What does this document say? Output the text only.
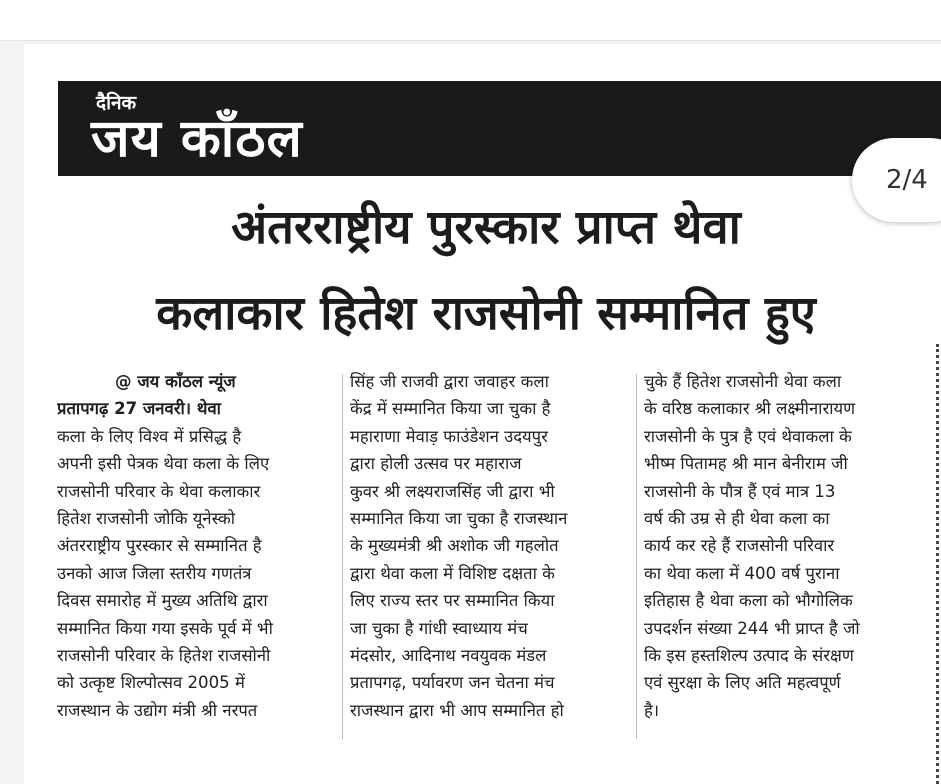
दैनिक
जय काँठल
अंतरराष्ट्रीय पुरस्कार प्राप्त थेवा
कलाकार हितेश राजसोनी सम्मानित हुए
@ जय काँठल न्यूंज
प्रतापगढ़ 27 जनवरी। थेवा
कला के लिए विश्व में प्रसिद्ध है
अपनी इसी पेत्रक थेवा कला के लिए
राजसोनी परिवार के थेवा कलाकार
हितेश राजसोनी जोकि यूनेस्को
अंतरराष्ट्रीय पुरस्कार से सम्मानित है
उनको आज जिला स्तरीय गणतंत्र
दिवस समारोह में मुख्य अतिथि द्वारा
सम्मानित किया गया इसके पूर्व में भी
राजसोनी परिवार के हितेश राजसोनी
को उत्कृष्ट शिल्पोत्सव 2005 में
राजस्थान के उद्योग मंत्री श्री नरपत
सिंह जी राजवी द्वारा जवाहर कला
केंद्र में सम्मानित किया जा चुका है
महाराणा मेवाड़ फाउंडेशन उदयपुर
द्वारा होली उत्सव पर महाराज
कुवर श्री लक्ष्यराजसिंह जी द्वारा भी
सम्मानित किया जा चुका है राजस्थान
के मुख्यमंत्री श्री अशोक जी गहलोत
द्वारा थेवा कला में विशिष्ट दक्षता के
लिए राज्य स्तर पर सम्मानित किया
जा चुका है गांधी स्वाध्याय मंच
मंदसोर, आदिनाथ नवयुवक मंडल
प्रतापगढ़, पर्यावरण जन चेतना मंच
राजस्थान द्वारा भी आप सम्मानित हो
चुके हैं हितेश राजसोनी थेवा कला
के वरिष्ठ कलाकार श्री लक्ष्मीनारायण
राजसोनी के पुत्र है एवं थेवाकला के
भीष्म पितामह श्री मान बेनीराम जी
राजसोनी के पौत्र हैं एवं मात्र 13
वर्ष की उम्र से ही थेवा कला का
कार्य कर रहे हैं राजसोनी परिवार
का थेवा कला में 400 वर्ष पुराना
इतिहास है थेवा कला को भौगोलिक
उपदर्शन संख्या 244 भी प्राप्त है जो
कि इस हस्तशिल्प उत्पाद के संरक्षण
एवं सुरक्षा के लिए अति महत्वपूर्ण
है।
2/4
